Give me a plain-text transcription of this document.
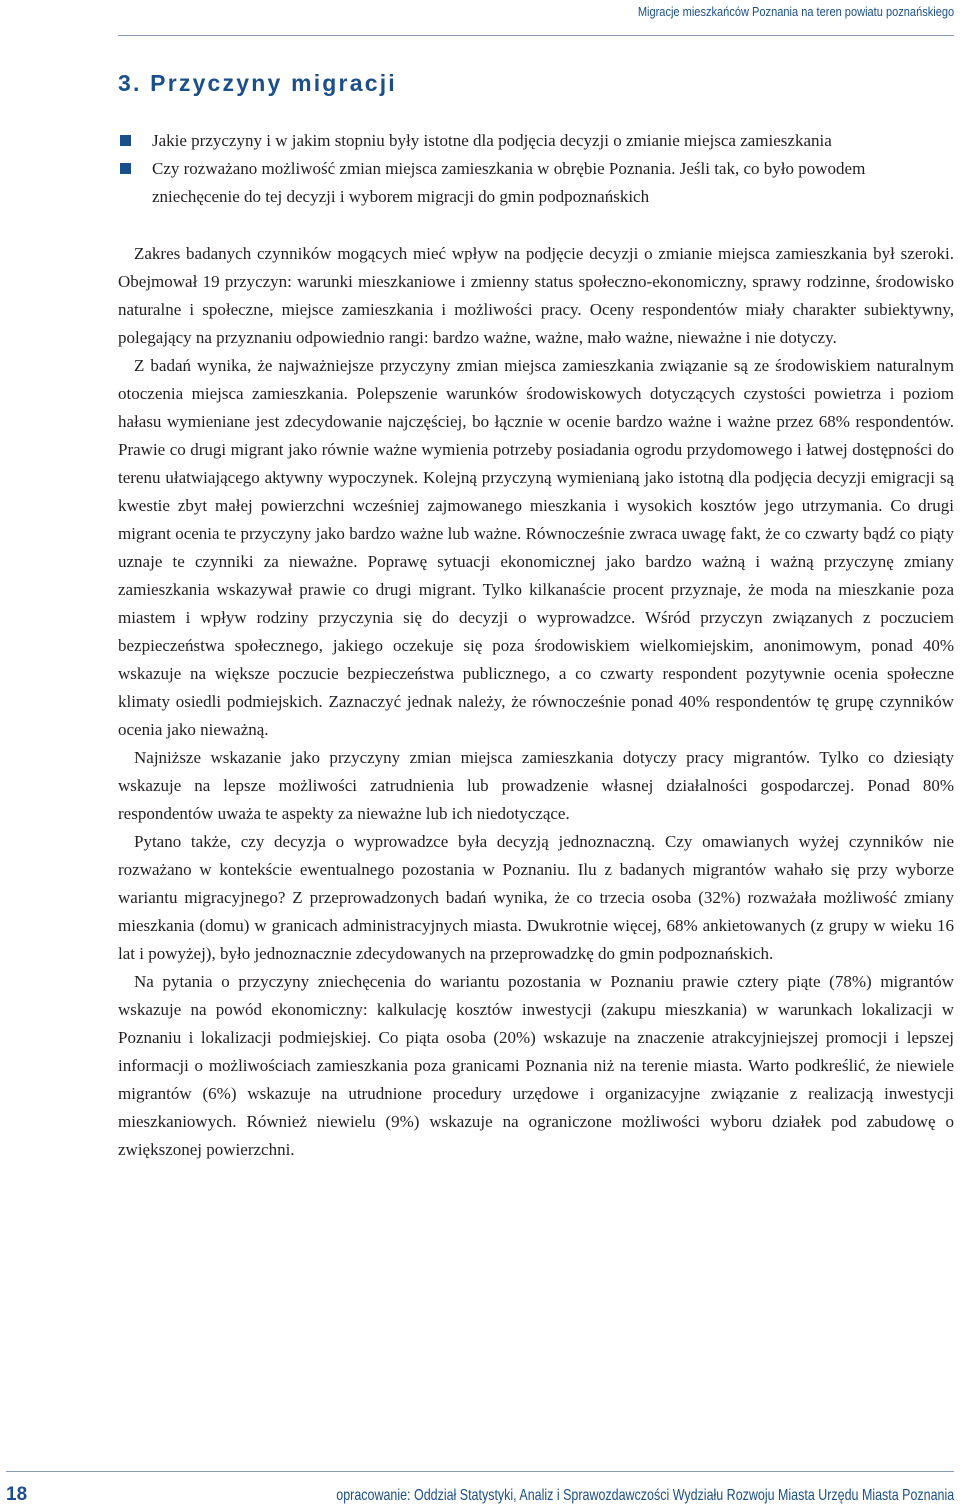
Migracje mieszkańców Poznania na teren powiatu poznańskiego
3. Przyczyny migracji
Jakie przyczyny i w jakim stopniu były istotne dla podjęcia decyzji o zmianie miejsca zamieszkania
Czy rozważano możliwość zmian miejsca zamieszkania w obrębie Poznania. Jeśli tak, co było powodem zniechęcenie do tej decyzji i wyborem migracji do gmin podpoznańskich

Zakres badanych czynników mogących mieć wpływ na podjęcie decyzji o zmianie miejsca zamieszkania był szeroki. Obejmował 19 przyczyn: warunki mieszkaniowe i zmienny status społeczno-ekonomiczny, sprawy rodzinne, środowisko naturalne i społeczne, miejsce zamieszkania i możliwości pracy. Oceny respondentów miały charakter subiektywny, polegający na przyznaniu odpowiednio rangi: bardzo ważne, ważne, mało ważne, nieważne i nie dotyczy.

Z badań wynika, że najważniejsze przyczyny zmian miejsca zamieszkania związanie są ze środowiskiem naturalnym otoczenia miejsca zamieszkania. Polepszenie warunków środowiskowych dotyczących czystości powietrza i poziom hałasu wymieniane jest zdecydowanie najczęściej, bo łącznie w ocenie bardzo ważne i ważne przez 68% respondentów. Prawie co drugi migrant jako równie ważne wymienia potrzeby posiadania ogrodu przydomowego i łatwej dostępności do terenu ułatwiającego aktywny wypoczynek. Kolejną przyczyną wymienianą jako istotną dla podjęcia decyzji emigracji są kwestie zbyt małej powierzchni wcześniej zajmowanego mieszkania i wysokich kosztów jego utrzymania. Co drugi migrant ocenia te przyczyny jako bardzo ważne lub ważne. Równocześnie zwraca uwagę fakt, że co czwarty bądź co piąty uznaje te czynniki za nieważne. Poprawę sytuacji ekonomicznej jako bardzo ważną i ważną przyczynę zmiany zamieszkania wskazywał prawie co drugi migrant. Tylko kilkanaście procent przyznaje, że moda na mieszkanie poza miastem i wpływ rodziny przyczynia się do decyzji o wyprowadzce. Wśród przyczyn związanych z poczuciem bezpieczeństwa społecznego, jakiego oczekuje się poza środowiskiem wielkomiejskim, anonimowym, ponad 40% wskazuje na większe poczucie bezpieczeństwa publicznego, a co czwarty respondent pozytywnie ocenia społeczne klimaty osiedli podmiejskich. Zaznaczyć jednak należy, że równocześnie ponad 40% respondentów tę grupę czynników ocenia jako nieważną.

Najniższe wskazanie jako przyczyny zmian miejsca zamieszkania dotyczy pracy migrantów. Tylko co dziesiąty wskazuje na lepsze możliwości zatrudnienia lub prowadzenie własnej działalności gospodarczej. Ponad 80% respondentów uważa te aspekty za nieważne lub ich niedotyczące.

Pytano także, czy decyzja o wyprowadzce była decyzją jednoznaczną. Czy omawianych wyżej czynników nie rozważano w kontekście ewentualnego pozostania w Poznaniu. Ilu z badanych migrantów wahało się przy wyborze wariantu migracyjnego? Z przeprowadzonych badań wynika, że co trzecia osoba (32%) rozważała możliwość zmiany mieszkania (domu) w granicach administracyjnych miasta. Dwukrotnie więcej, 68% ankietowanych (z grupy w wieku 16 lat i powyżej), było jednoznacznie zdecydowanych na przeprowadzkę do gmin podpoznańskich.

Na pytania o przyczyny zniechęcenia do wariantu pozostania w Poznaniu prawie cztery piąte (78%) migrantów wskazuje na powód ekonomiczny: kalkulację kosztów inwestycji (zakupu mieszkania) w warunkach lokalizacji w Poznaniu i lokalizacji podmiejskiej. Co piąta osoba (20%) wskazuje na znaczenie atrakcyjniejszej promocji i lepszej informacji o możliwościach zamieszkania poza granicami Poznania niż na terenie miasta. Warto podkreślić, że niewiele migrantów (6%) wskazuje na utrudnione procedury urzędowe i organizacyjne związanie z realizacją inwestycji mieszkaniowych. Również niewielu (9%) wskazuje na ograniczone możliwości wyboru działek pod zabudowę o zwiększonej powierzchni.

18	opracowanie: Oddział Statystyki, Analiz i Sprawozdawczości Wydziału Rozwoju Miasta Urzędu Miasta Poznania
